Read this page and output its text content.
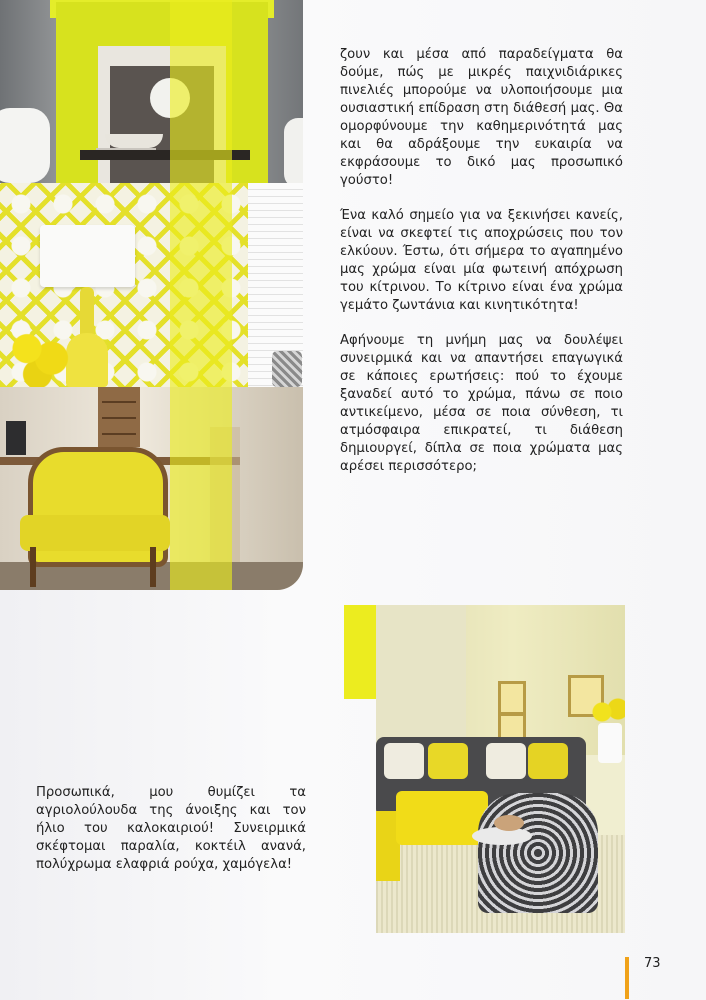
ζουν και μέσα από παραδείγματα θα δούμε, πώς με μικρές παιχνιδιάρικες πινελιές μπορούμε να υλοποιήσουμε μια ουσιαστική επίδραση στη διάθεσή μας. Θα ομορφύνουμε την καθημερινότητά μας και θα αδράξουμε την ευκαιρία να εκφράσουμε το δικό μας προσωπικό γούστο!

Ένα καλό σημείο για να ξεκινήσει κανείς, είναι να σκεφτεί τις αποχρώσεις που τον ελκύουν. Έστω, ότι σήμερα το αγαπημένο μας χρώμα είναι μία φωτεινή απόχρωση του κίτρινου. Το κίτρινο είναι ένα χρώμα γεμάτο ζωντάνια και κινητικότητα!

Αφήνουμε τη μνήμη μας να δουλέψει συνειρμικά και να απαντήσει επαγωγικά σε κάποιες ερωτήσεις: πού το έχουμε ξαναδεί αυτό το χρώμα, πάνω σε ποιο αντικείμενο, μέσα σε ποια σύνθεση, τι ατμόσφαιρα επικρατεί, τι διάθεση δημιουργεί, δίπλα σε ποια χρώματα μας αρέσει περισσότερο;

Προσωπικά, μου θυμίζει τα αγριολούλουδα της άνοιξης και τον ήλιο του καλοκαιριού! Συνειρμικά σκέφτομαι παραλία, κοκτέιλ ανανά, πολύχρωμα ελαφριά ρούχα, χαμόγελα!

73
